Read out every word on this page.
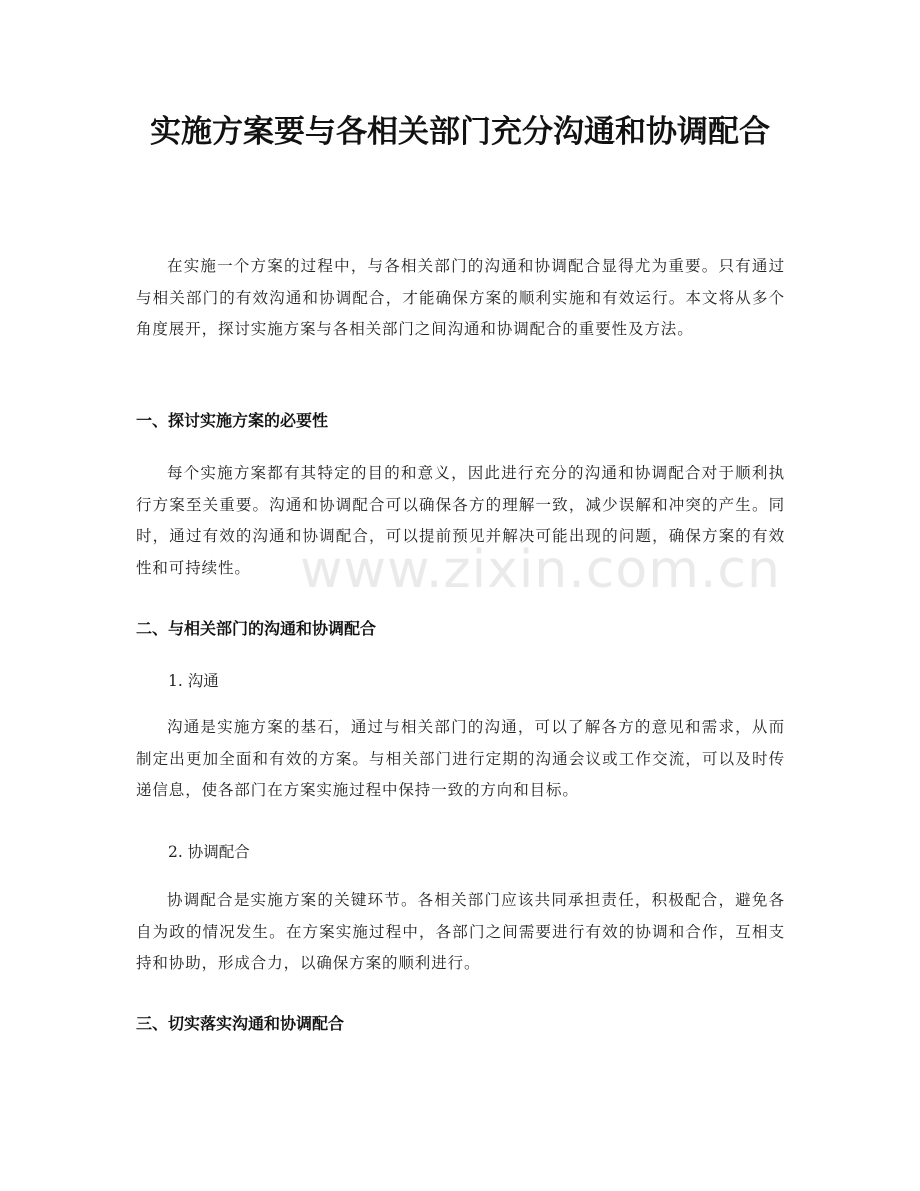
实施方案要与各相关部门充分沟通和协调配合

在实施一个方案的过程中，与各相关部门的沟通和协调配合显得尤为重要。只有通过与相关部门的有效沟通和协调配合，才能确保方案的顺利实施和有效运行。本文将从多个角度展开，探讨实施方案与各相关部门之间沟通和协调配合的重要性及方法。

一、探讨实施方案的必要性

每个实施方案都有其特定的目的和意义，因此进行充分的沟通和协调配合对于顺利执行方案至关重要。沟通和协调配合可以确保各方的理解一致，减少误解和冲突的产生。同时，通过有效的沟通和协调配合，可以提前预见并解决可能出现的问题，确保方案的有效性和可持续性。

二、与相关部门的沟通和协调配合

1. 沟通

沟通是实施方案的基石，通过与相关部门的沟通，可以了解各方的意见和需求，从而制定出更加全面和有效的方案。与相关部门进行定期的沟通会议或工作交流，可以及时传递信息，使各部门在方案实施过程中保持一致的方向和目标。

2. 协调配合

协调配合是实施方案的关键环节。各相关部门应该共同承担责任，积极配合，避免各自为政的情况发生。在方案实施过程中，各部门之间需要进行有效的协调和合作，互相支持和协助，形成合力，以确保方案的顺利进行。

三、切实落实沟通和协调配合
www.zixin.com.cn
